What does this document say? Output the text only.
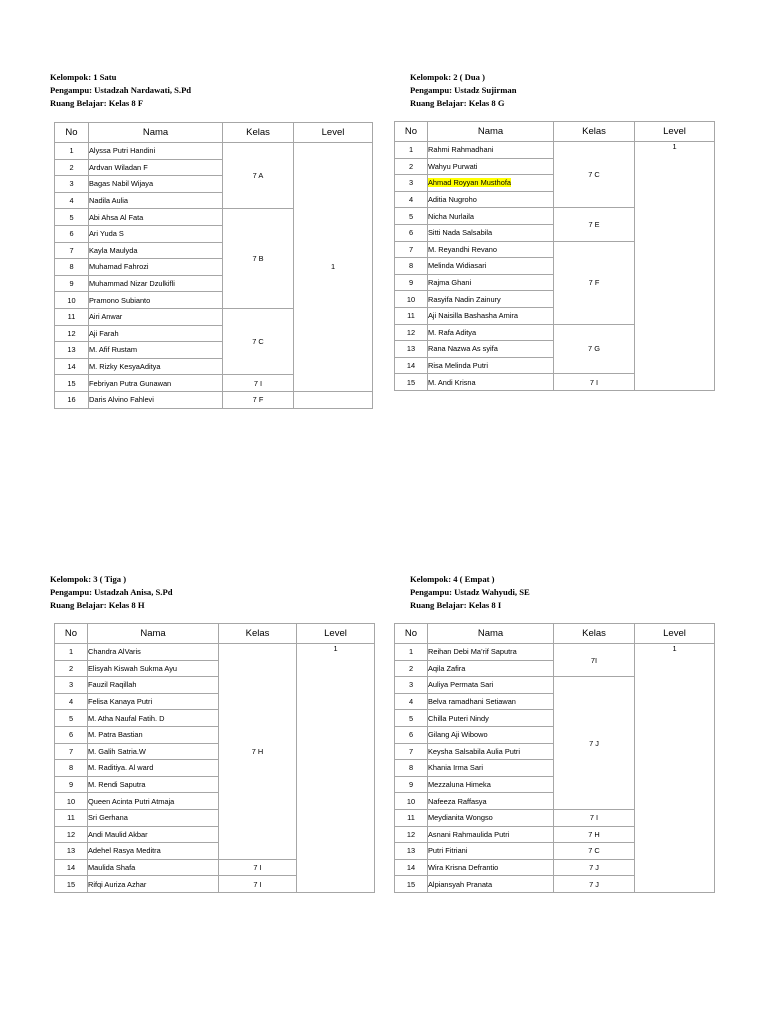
Kelompok: 1 Satu
Pengampu: Ustadzah Nardawati, S.Pd
Ruang Belajar: Kelas 8 F
No	Nama	Kelas	Level
1	Alyssa Putri Handini	7 A	1
2	Ardvan Wiladan F		
3	Bagas Nabil Wijaya		
4	Nadila Aulia		
5	Abi Ahsa Al Fata	7 B	
6	Ari Yuda S		
7	Kayla Maulyda		
8	Muhamad Fahrozi		
9	Muhammad Nizar Dzulkifli		
10	Pramono Subianto		
11	Airi Anwar	7 C	
12	Aji Farah		
13	M. Afif Rustam		
14	M. Rizky KesyaAditya		
15	Febriyan Putra Gunawan	7 I	
16	Daris Alvino Fahlevi	7 F	
Kelompok: 2 ( Dua )
Pengampu: Ustadz Sujirman
Ruang Belajar: Kelas 8 G
No	Nama	Kelas	Level
1	Rahmi Rahmadhani	7 C	1
2	Wahyu Purwati		
3	Ahmad Royyan Musthofa		
4	Aditia Nugroho		
5	Nicha Nurlaila	7 E	
6	Sitti Nada Salsabila		
7	M. Reyandhi Revano	7 F	
8	Melinda Widiasari		
9	Rajma Ghani		
10	Rasyifa Nadin Zainury		
11	Aji Naisilla Bashasha Amira		
12	M. Rafa Aditya	7 G	
13	Rana Nazwa As syifa		
14	Risa Melinda Putri		
15	M. Andi Krisna	7 I	
Kelompok: 3 ( Tiga )
Pengampu: Ustadzah Anisa, S.Pd
Ruang Belajar: Kelas 8 H
No	Nama	Kelas	Level
1	Chandra AlVaris	7 H	1
2	Elisyah Kiswah Sukma Ayu		
3	Fauzil Raqillah		
4	Felisa Kanaya Putri		
5	M. Atha Naufal Fatih. D		
6	M. Patra Bastian		
7	M. Galih Satria.W		
8	M. Raditiya. Al ward		
9	M. Rendi Saputra		
10	Queen Acinta Putri Atmaja		
11	Sri Gerhana		
12	Andi Maulid Akbar		
13	Adehel Rasya Meditra		
14	Maulida Shafa	7 I	
15	Rifqi Auriza Azhar	7 I	
Kelompok: 4 ( Empat )
Pengampu: Ustadz Wahyudi, SE
Ruang Belajar: Kelas 8 I
No	Nama	Kelas	Level
1	Reihan Debi Ma’rif Saputra	7I	1
2	Aqila Zafira		
3	Auliya Permata Sari	7 J	
4	Belva ramadhani Setiawan		
5	Chilla Puteri Nindy		
6	Gilang Aji Wibowo		
7	Keysha Salsabila Aulia Putri		
8	Khania Irma Sari		
9	Mezzaluna Himeka		
10	Nafeeza Raffasya		
11	Meydianita Wongso	7 I	
12	Asnani Rahmaulida Putri	7 H	
13	Putri Fitriani	7 C	
14	Wira Krisna Defrantio	7 J	
15	Alpiansyah Pranata	7 J	
